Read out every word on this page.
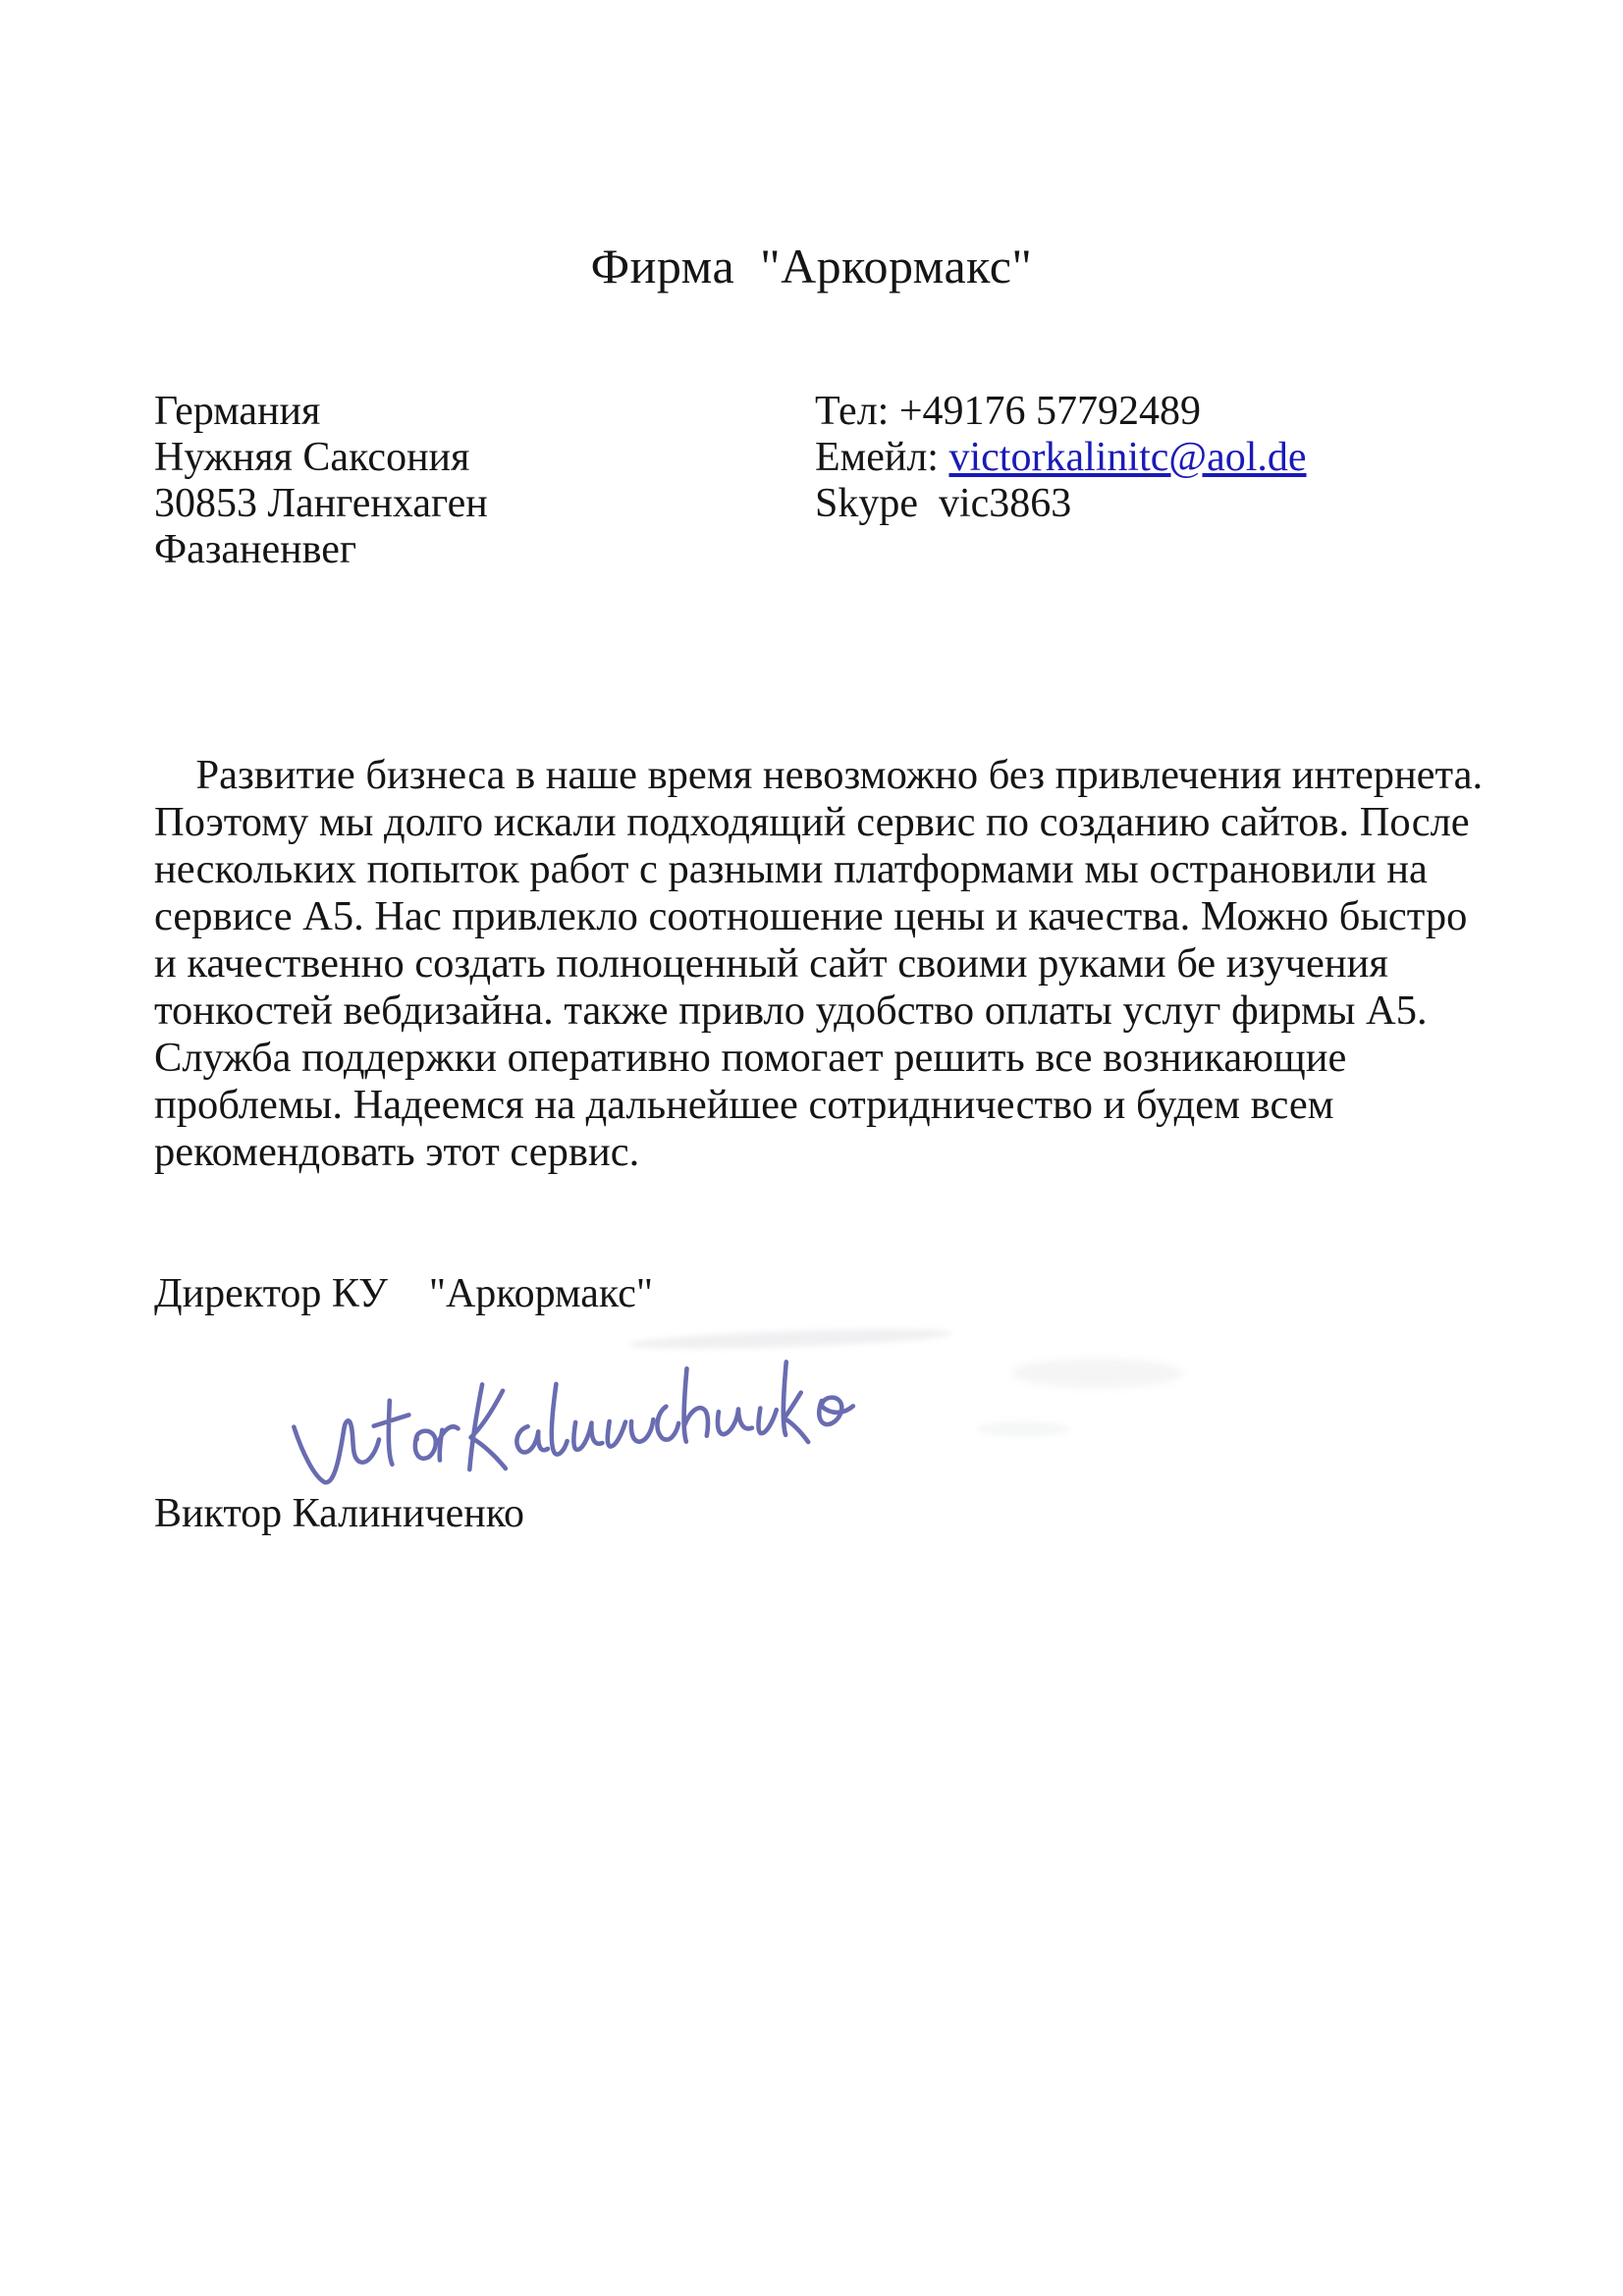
Фирма  "Аркормакс"
Германия
Нужняя Саксония
30853 Лангенхаген
Фазаненвег
Тел: +49176 57792489
Емейл: victorkalinitc@aol.de
Skype  vic3863
Развитие бизнеса в наше время невозможно без привлечения интернета.
Поэтому мы долго искали подходящий сервис по созданию сайтов. После
нескольких попыток работ с разными платформами мы острановили на
сервисе А5. Нас привлекло соотношение цены и качества. Можно быстро
и качественно создать полноценный сайт своими руками бе изучения
тонкостей вебдизайна. также привло удобство оплаты услуг фирмы А5.
Служба поддержки оперативно помогает решить все возникающие
проблемы. Надеемся на дальнейшее сотридничество и будем всем
рекомендовать этот сервис.
Директор КУ    "Аркормакс"
Виктор Калиниченко
